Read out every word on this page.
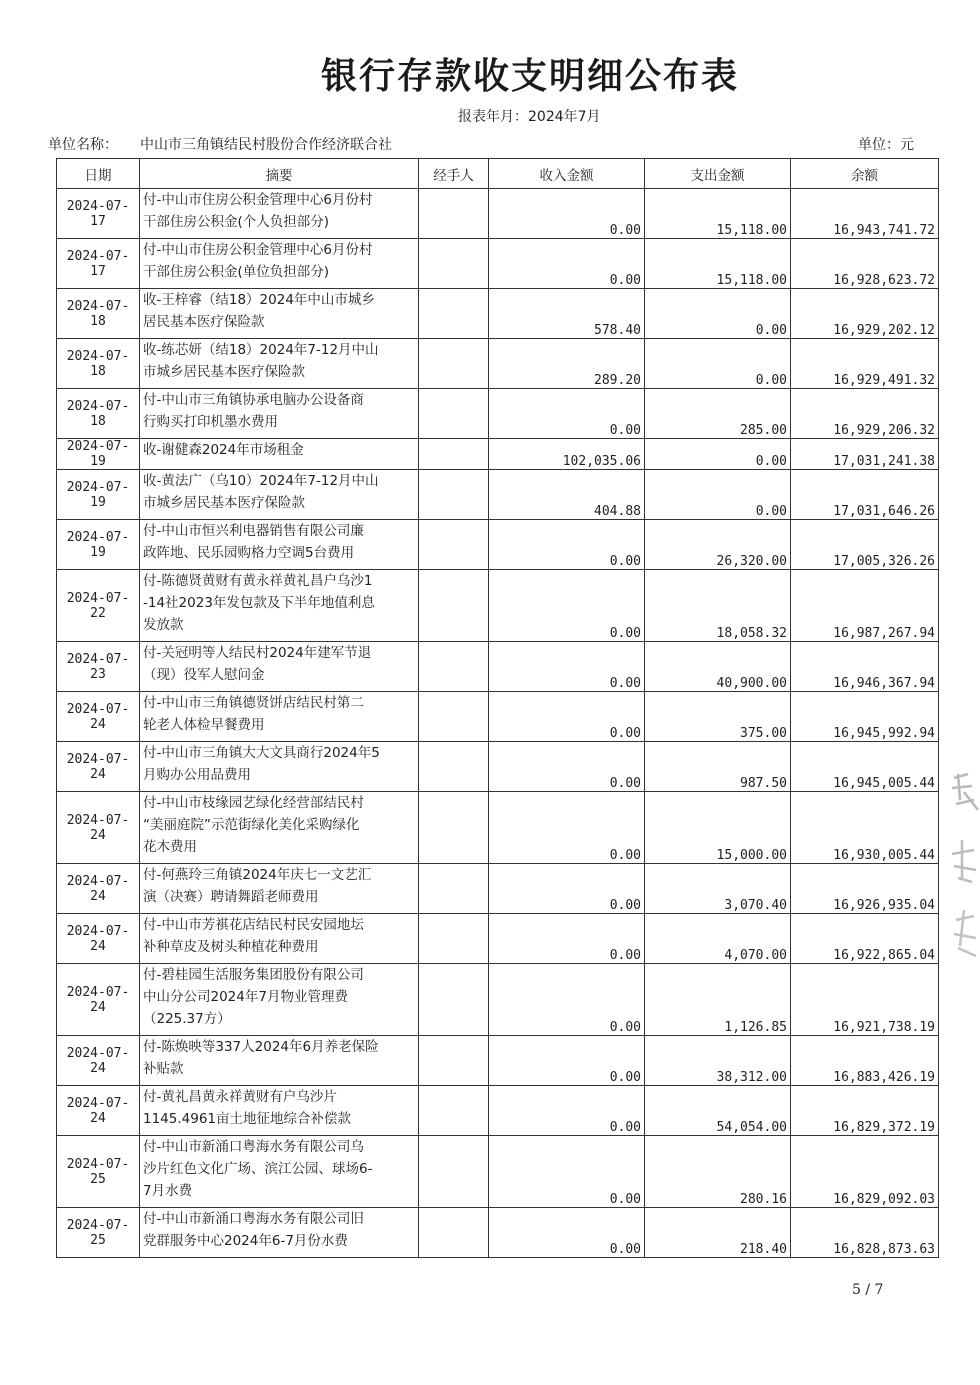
银行存款收支明细公布表
报表年月：2024年7月
单位名称： 中山市三角镇结民村股份合作经济联合社	单位：元
日期	摘要	经手人	收入金额	支出金额	余额
2024-07-17	付-中山市住房公积金管理中心6月份村
干部住房公积金(个人负担部分)		0.00	15,118.00	16,943,741.72
2024-07-17	付-中山市住房公积金管理中心6月份村
干部住房公积金(单位负担部分)		0.00	15,118.00	16,928,623.72
2024-07-18	收-王梓睿（结18）2024年中山市城乡
居民基本医疗保险款		578.40	0.00	16,929,202.12
2024-07-18	收-练芯妍（结18）2024年7-12月中山
市城乡居民基本医疗保险款		289.20	0.00	16,929,491.32
2024-07-18	付-中山市三角镇协承电脑办公设备商
行购买打印机墨水费用		0.00	285.00	16,929,206.32
2024-07-19	收-谢健森2024年市场租金		102,035.06	0.00	17,031,241.38
2024-07-19	收-黄法广（乌10）2024年7-12月中山
市城乡居民基本医疗保险款		404.88	0.00	17,031,646.26
2024-07-19	付-中山市恒兴利电器销售有限公司廉
政阵地、民乐园购格力空调5台费用		0.00	26,320.00	17,005,326.26
2024-07-22	付-陈德贤黄财有黄永祥黄礼昌户乌沙1
-14社2023年发包款及下半年地值利息
发放款		0.00	18,058.32	16,987,267.94
2024-07-23	付-关冠明等人结民村2024年建军节退
（现）役军人慰问金		0.00	40,900.00	16,946,367.94
2024-07-24	付-中山市三角镇德贤饼店结民村第二
轮老人体检早餐费用		0.00	375.00	16,945,992.94
2024-07-24	付-中山市三角镇大大文具商行2024年5
月购办公用品费用		0.00	987.50	16,945,005.44
2024-07-24	付-中山市枝缘园艺绿化经营部结民村
“美丽庭院”示范街绿化美化采购绿化
花木费用		0.00	15,000.00	16,930,005.44
2024-07-24	付-何燕玲三角镇2024年庆七一文艺汇
演（决赛）聘请舞蹈老师费用		0.00	3,070.40	16,926,935.04
2024-07-24	付-中山市芳褀花店结民村民安园地坛
补种草皮及树头种植花种费用		0.00	4,070.00	16,922,865.04
2024-07-24	付-碧桂园生活服务集团股份有限公司
中山分公司2024年7月物业管理费
（225.37方）		0.00	1,126.85	16,921,738.19
2024-07-24	付-陈焕映等337人2024年6月养老保险
补贴款		0.00	38,312.00	16,883,426.19
2024-07-24	付-黄礼昌黄永祥黄财有户乌沙片
1145.4961亩土地征地综合补偿款		0.00	54,054.00	16,829,372.19
2024-07-25	付-中山市新涌口粤海水务有限公司乌
沙片红色文化广场、滨江公园、球场6-
7月水费		0.00	280.16	16,829,092.03
2024-07-25	付-中山市新涌口粤海水务有限公司旧
党群服务中心2024年6-7月份水费		0.00	218.40	16,828,873.63
5 / 7
